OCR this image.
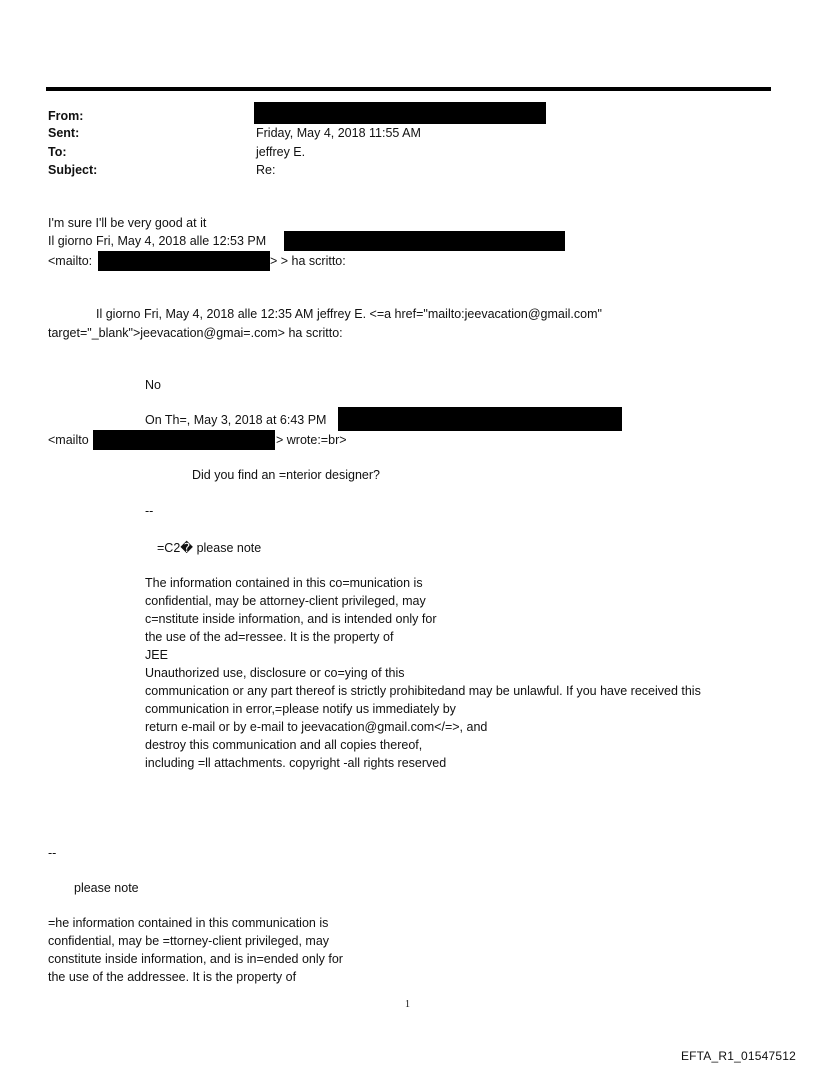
From:
Sent:	Friday, May 4, 2018 11:55 AM
To:	jeffrey E.
Subject:	Re:
I'm sure I'll be very good at it
Il giorno Fri, May 4, 2018 alle 12:53 PM
<mailto:	> > ha scritto:
Il giorno Fri, May 4, 2018 alle 12:35 AM jeffrey E. <=a href="mailto:jeevacation@gmail.com"
target="_blank">jeevacation@gmai=.com> ha scritto:
No
On Th=, May 3, 2018 at 6:43 PM
<mailto	> wrote:=br>
Did you find an =nterior designer?
--
=C2� please note
The information contained in this co=munication is
confidential, may be attorney-client privileged, may
c=nstitute inside information, and is intended only for
the use of the ad=ressee. It is the property of
JEE
Unauthorized use, disclosure or co=ying of this
communication or any part thereof is strictly prohibitedand may be unlawful. If you have received this
communication in error,=please notify us immediately by
return e-mail or by e-mail to jeevacation@gmail.com</=>, and
destroy this communication and all copies thereof,
including =ll attachments. copyright -all rights reserved
--
please note
=he information contained in this communication is
confidential, may be =ttorney-client privileged, may
constitute inside information, and is in=ended only for
the use of the addressee. It is the property of
1
EFTA_R1_01547512
